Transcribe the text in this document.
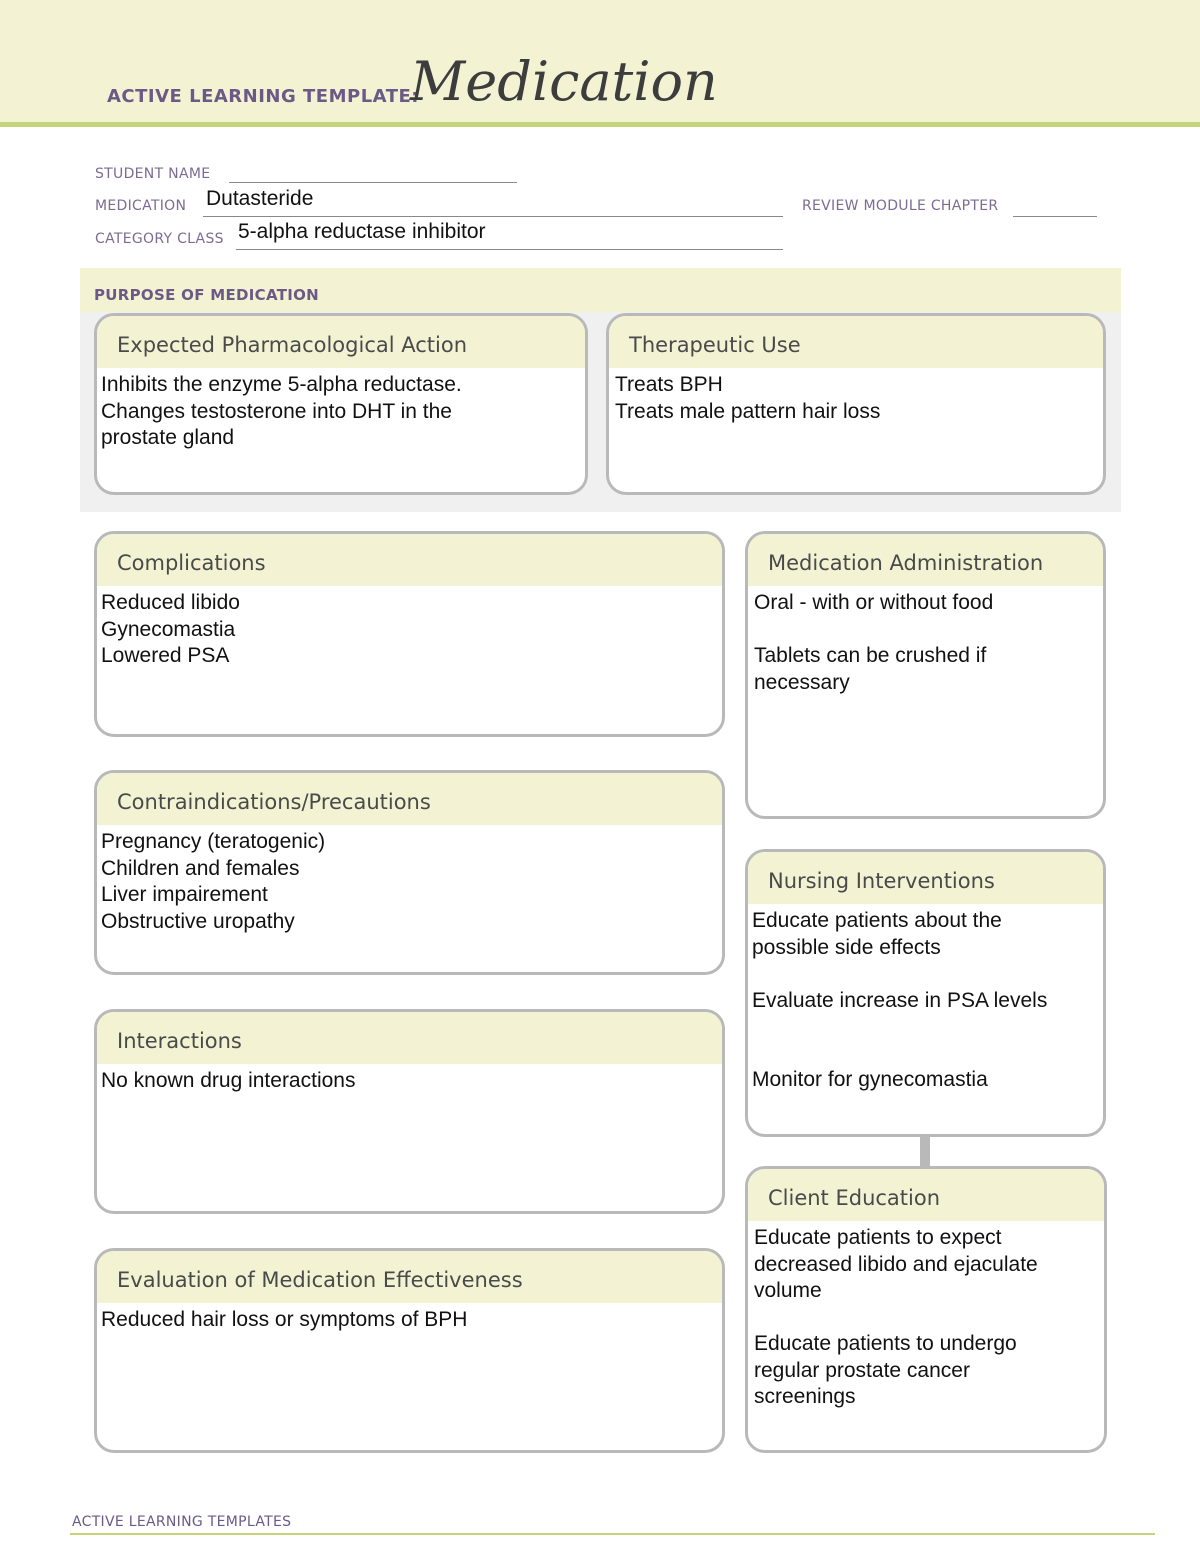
ACTIVE LEARNING TEMPLATE:
Medication
STUDENT NAME
MEDICATION Dutasteride	REVIEW MODULE CHAPTER
CATEGORY CLASS 5-alpha reductase inhibitor
PURPOSE OF MEDICATION
Expected Pharmacological Action
Inhibits the enzyme 5-alpha reductase.
Changes testosterone into DHT in the
prostate gland
Therapeutic Use
Treats BPH
Treats male pattern hair loss
Complications
Reduced libido
Gynecomastia
Lowered PSA
Contraindications/Precautions
Pregnancy (teratogenic)
Children and females
Liver impairement
Obstructive uropathy
Interactions
No known drug interactions
Evaluation of Medication Effectiveness
Reduced hair loss or symptoms of BPH
Medication Administration
Oral - with or without food
Tablets can be crushed if
necessary
Nursing Interventions
Educate patients about the
possible side effects
Evaluate increase in PSA levels
Monitor for gynecomastia
Client Education
Educate patients to expect
decreased libido and ejaculate
volume
Educate patients to undergo
regular prostate cancer
screenings
ACTIVE LEARNING TEMPLATES
